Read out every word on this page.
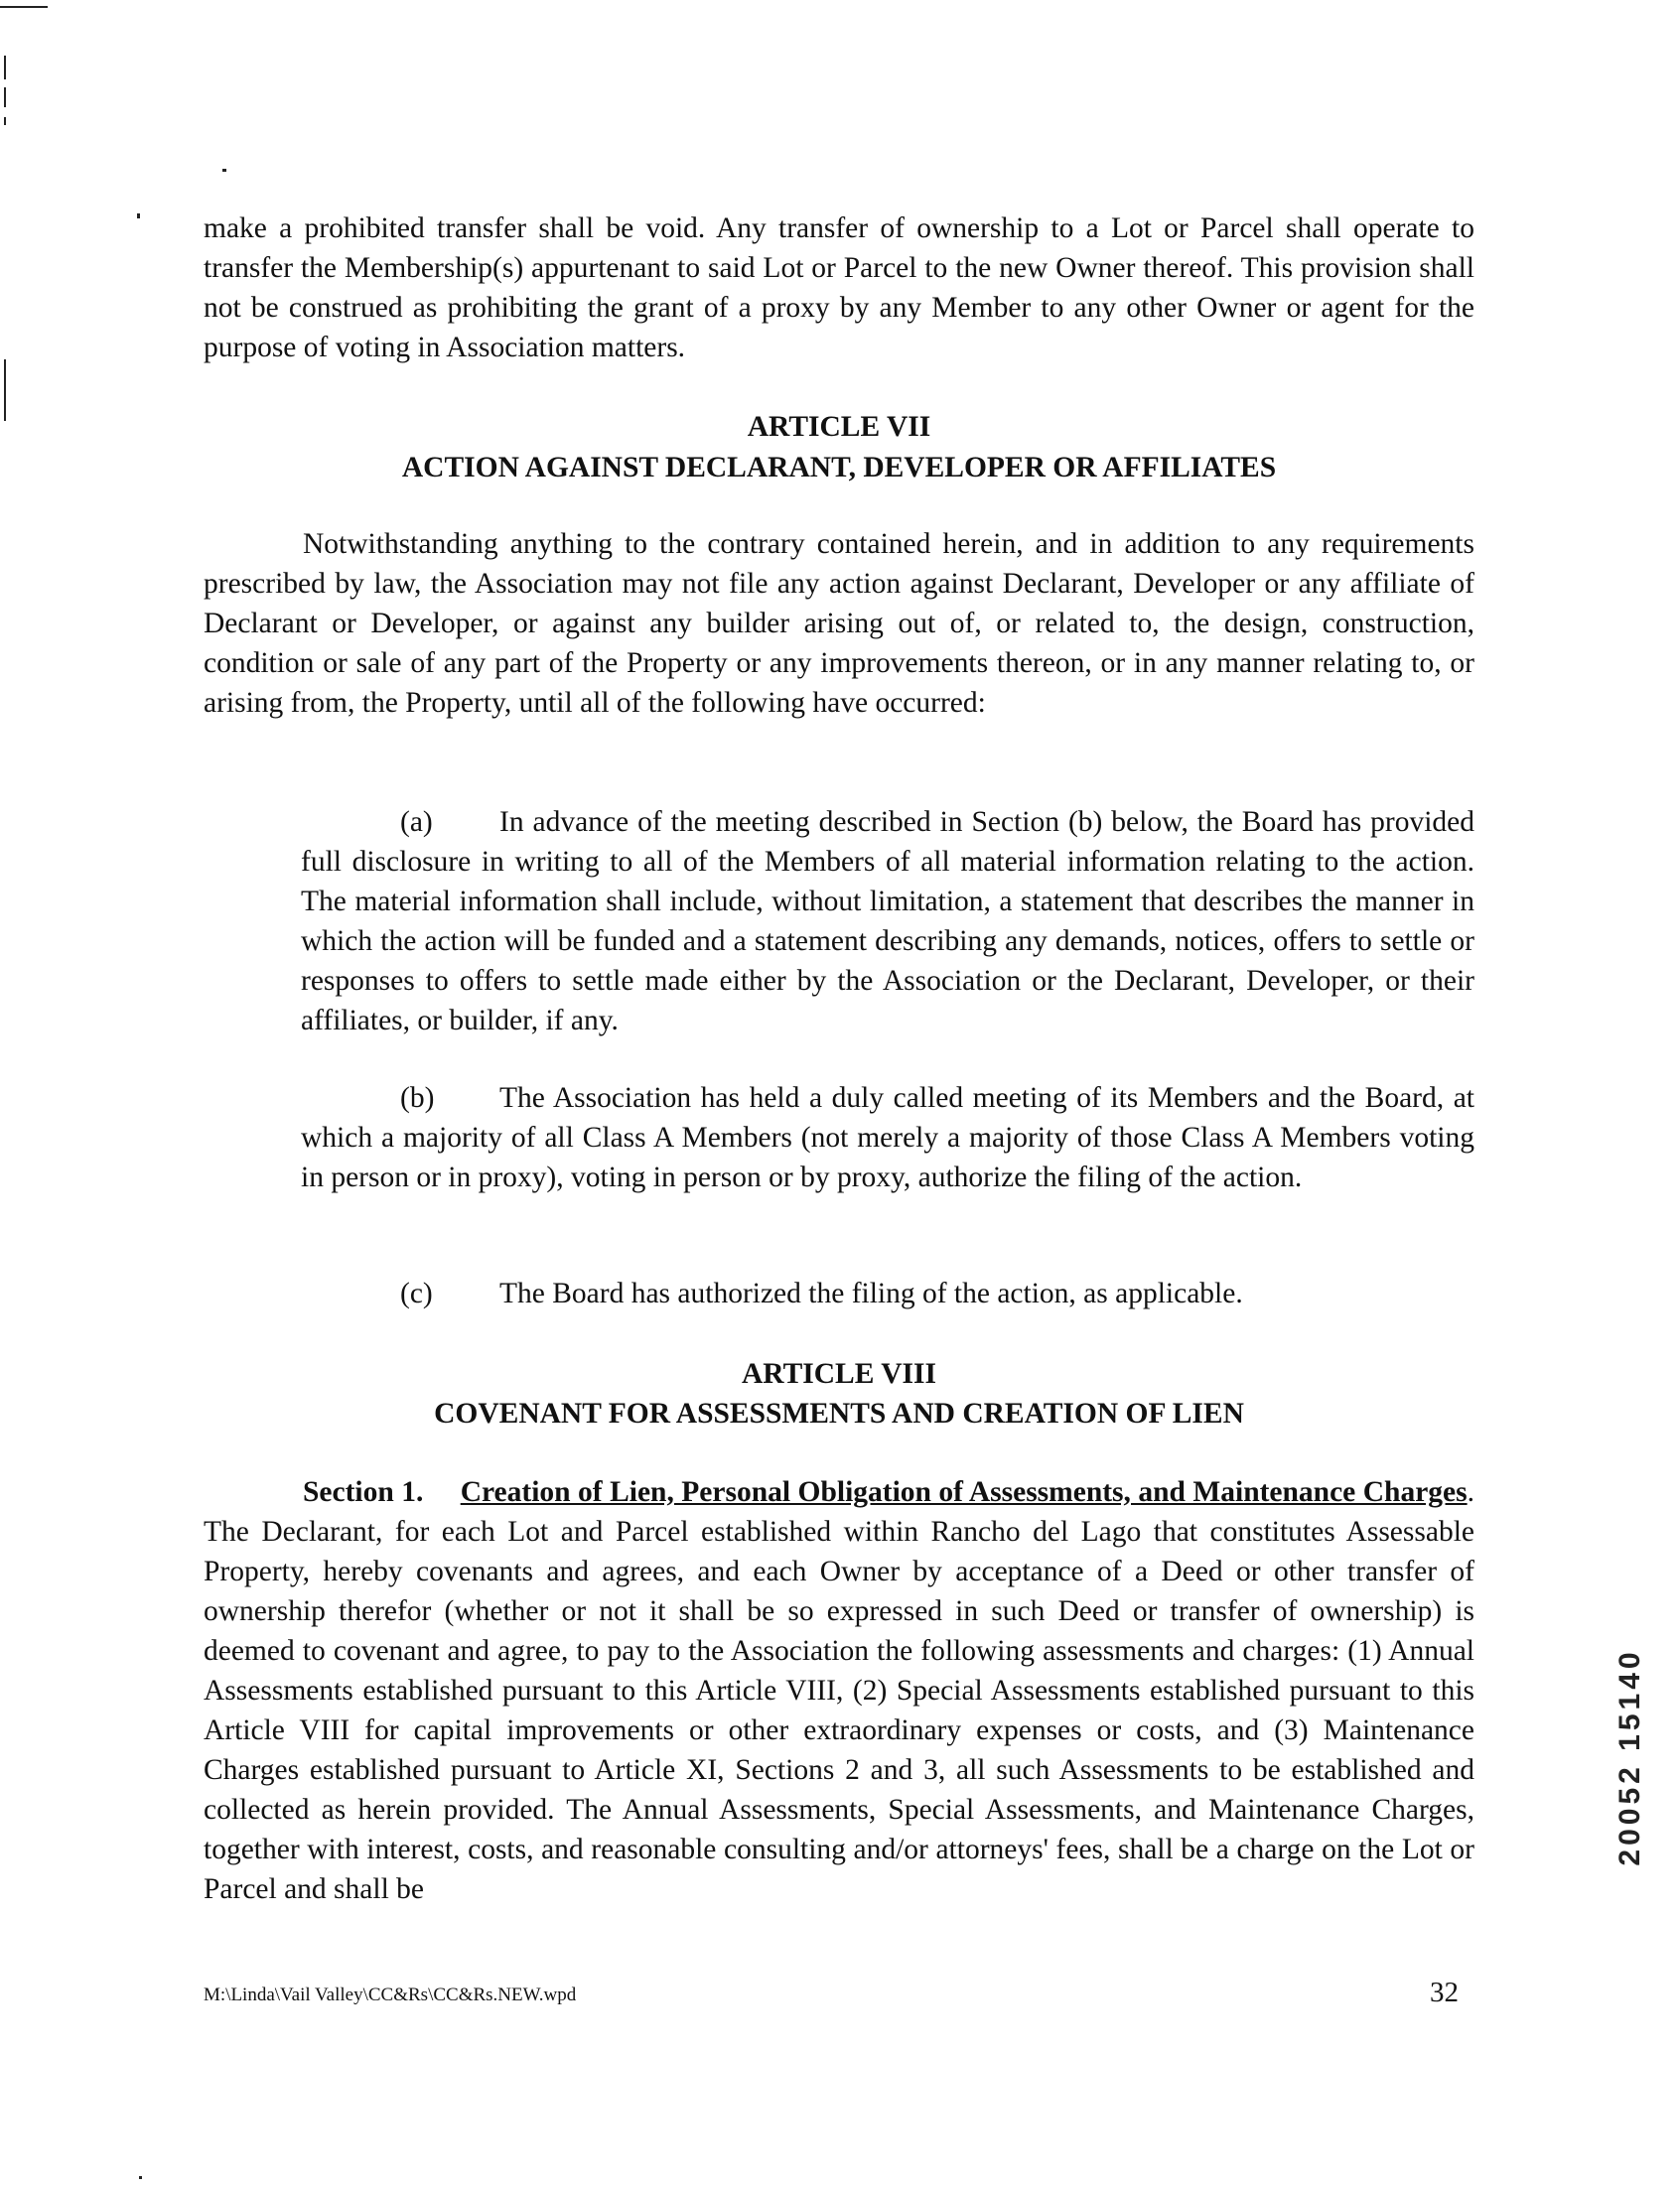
make a prohibited transfer shall be void. Any transfer of ownership to a Lot or Parcel shall operate to transfer the Membership(s) appurtenant to said Lot or Parcel to the new Owner thereof. This provision shall not be construed as prohibiting the grant of a proxy by any Member to any other Owner or agent for the purpose of voting in Association matters.

ARTICLE VII
ACTION AGAINST DECLARANT, DEVELOPER OR AFFILIATES

Notwithstanding anything to the contrary contained herein, and in addition to any requirements prescribed by law, the Association may not file any action against Declarant, Developer or any affiliate of Declarant or Developer, or against any builder arising out of, or related to, the design, construction, condition or sale of any part of the Property or any improvements thereon, or in any manner relating to, or arising from, the Property, until all of the following have occurred:

(a) In advance of the meeting described in Section (b) below, the Board has provided full disclosure in writing to all of the Members of all material information relating to the action. The material information shall include, without limitation, a statement that describes the manner in which the action will be funded and a statement describing any demands, notices, offers to settle or responses to offers to settle made either by the Association or the Declarant, Developer, or their affiliates, or builder, if any.

(b) The Association has held a duly called meeting of its Members and the Board, at which a majority of all Class A Members (not merely a majority of those Class A Members voting in person or in proxy), voting in person or by proxy, authorize the filing of the action.

(c) The Board has authorized the filing of the action, as applicable.

ARTICLE VIII
COVENANT FOR ASSESSMENTS AND CREATION OF LIEN

Section 1. Creation of Lien, Personal Obligation of Assessments, and Maintenance Charges. The Declarant, for each Lot and Parcel established within Rancho del Lago that constitutes Assessable Property, hereby covenants and agrees, and each Owner by acceptance of a Deed or other transfer of ownership therefor (whether or not it shall be so expressed in such Deed or transfer of ownership) is deemed to covenant and agree, to pay to the Association the following assessments and charges: (1) Annual Assessments established pursuant to this Article VIII, (2) Special Assessments established pursuant to this Article VIII for capital improvements or other extraordinary expenses or costs, and (3) Maintenance Charges established pursuant to Article XI, Sections 2 and 3, all such Assessments to be established and collected as herein provided. The Annual Assessments, Special Assessments, and Maintenance Charges, together with interest, costs, and reasonable consulting and/or attorneys' fees, shall be a charge on the Lot or Parcel and shall be

M:\Linda\Vail Valley\CC&Rs\CC&Rs.NEW.wpd	32
20052 15140
